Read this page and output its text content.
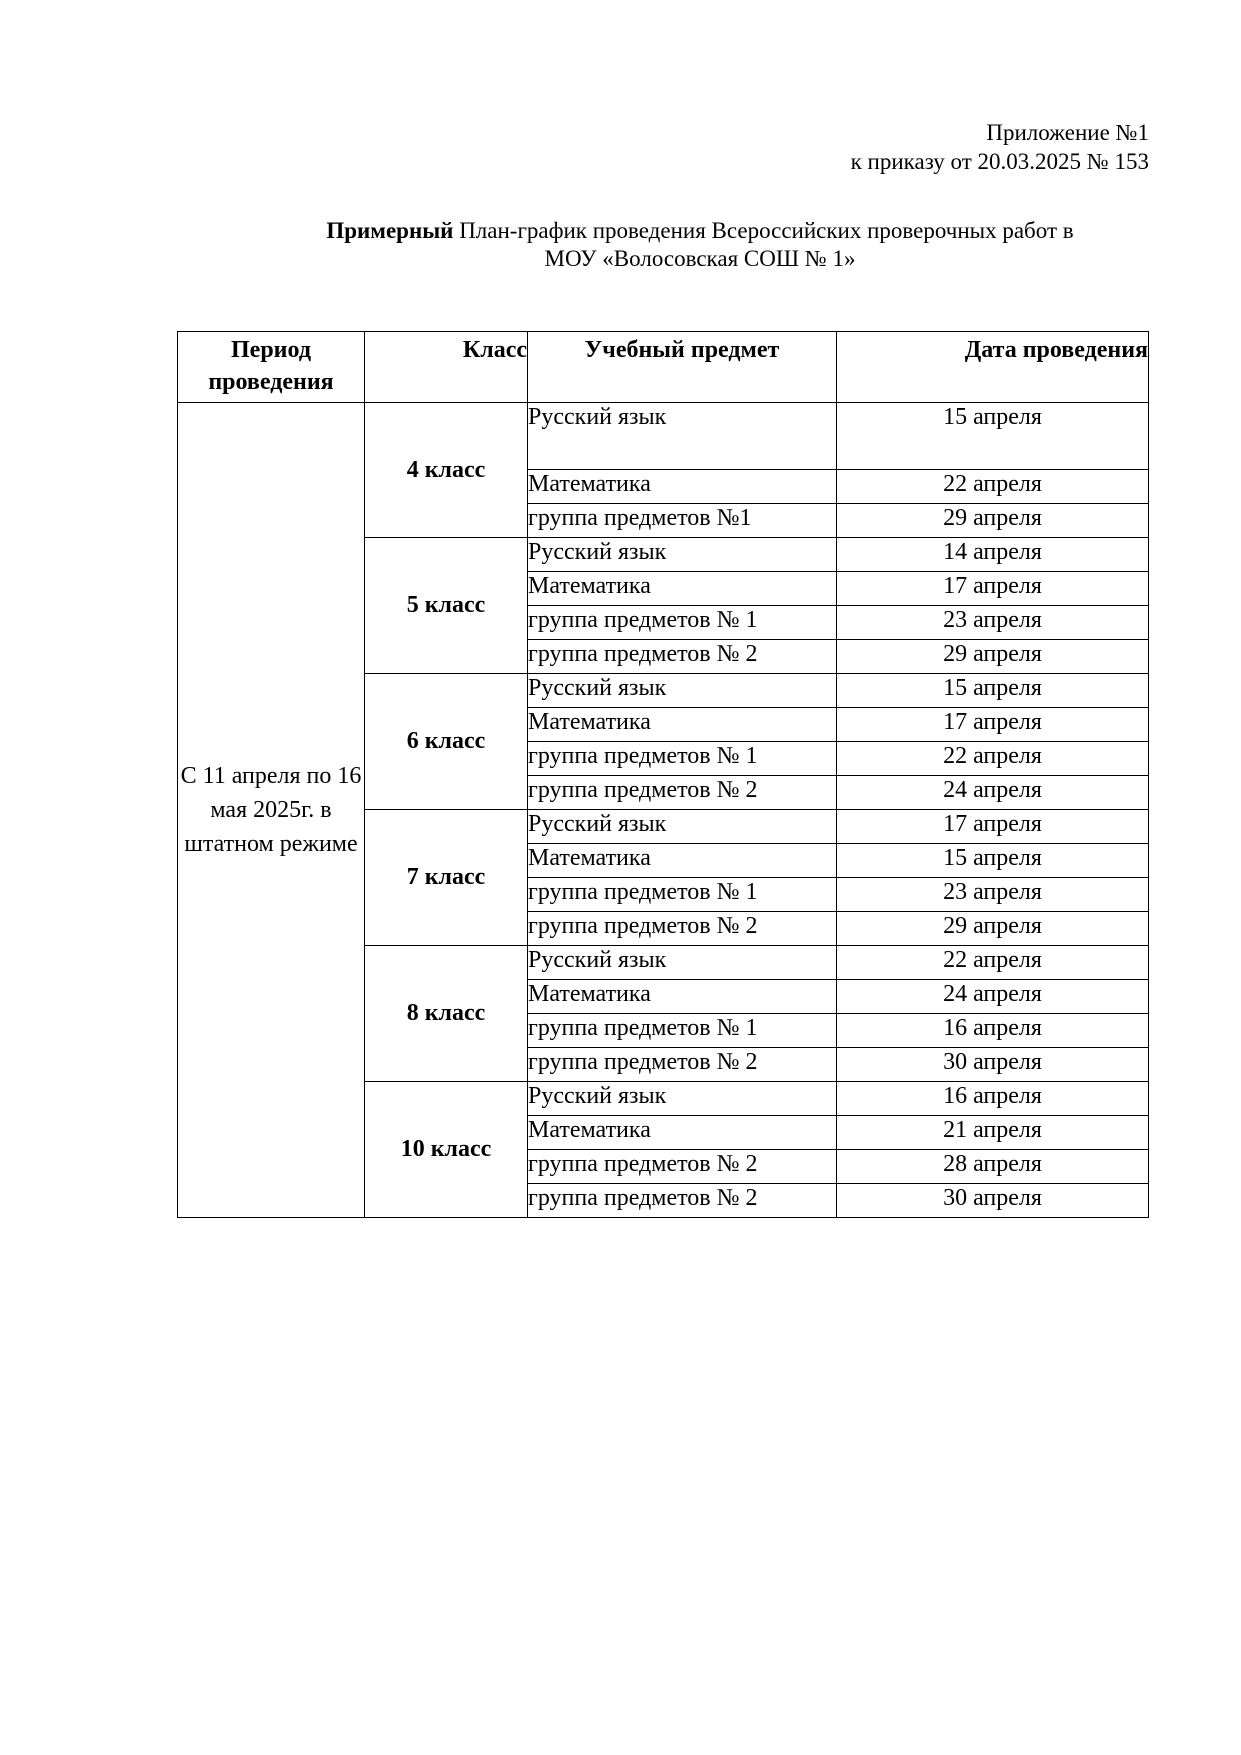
Приложение №1
к приказу от 20.03.2025 № 153
Примерный План-график проведения Всероссийских проверочных работ в
МОУ «Волосовская СОШ № 1»
Период проведения	Класс	Учебный предмет	Дата проведения
С 11 апреля по 16 мая 2025г. в штатном режиме	4 класс	Русский язык	15 апреля
		Математика	22 апреля
		группа предметов №1	29 апреля
	5 класс	Русский язык	14 апреля
		Математика	17 апреля
		группа предметов № 1	23 апреля
		группа предметов № 2	29 апреля
	6 класс	Русский язык	15 апреля
		Математика	17 апреля
		группа предметов № 1	22 апреля
		группа предметов № 2	24 апреля
	7 класс	Русский язык	17 апреля
		Математика	15 апреля
		группа предметов № 1	23 апреля
		группа предметов № 2	29 апреля
	8 класс	Русский язык	22 апреля
		Математика	24 апреля
		группа предметов № 1	16 апреля
		группа предметов № 2	30 апреля
	10 класс	Русский язык	16 апреля
		Математика	21 апреля
		группа предметов № 2	28 апреля
		группа предметов № 2	30 апреля
